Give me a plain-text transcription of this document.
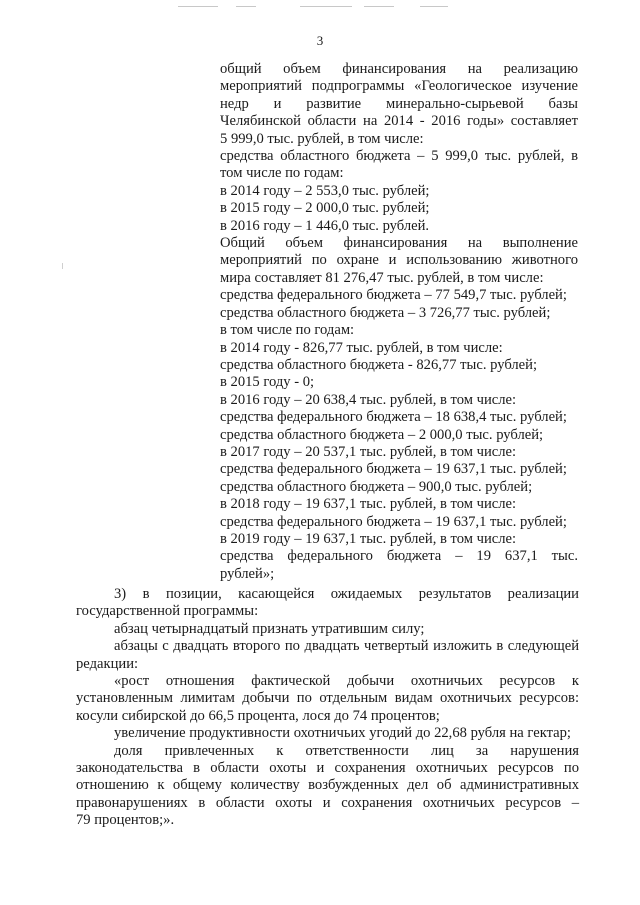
3

общий объем финансирования на реализацию

мероприятий подпрограммы «Геологическое изучение

недр и развитие минерально-сырьевой базы

Челябинской области на 2014 - 2016 годы» составляет

5 999,0 тыс. рублей, в том числе:

средства областного бюджета – 5 999,0 тыс. рублей, в

том числе по годам:

в 2014 году – 2 553,0 тыс. рублей;

в 2015 году – 2 000,0 тыс. рублей;

в 2016 году – 1 446,0 тыс. рублей.

Общий объем финансирования на выполнение

мероприятий по охране и использованию животного

мира составляет 81 276,47 тыс. рублей, в том числе:

средства федерального бюджета – 77 549,7 тыс. рублей;

средства областного бюджета – 3 726,77 тыс. рублей;

в том числе по годам:

в 2014 году - 826,77 тыс. рублей, в том числе:

средства областного бюджета - 826,77 тыс. рублей;

в 2015 году - 0;

в 2016 году – 20 638,4 тыс. рублей, в том числе:

средства федерального бюджета – 18 638,4 тыс. рублей;

средства областного бюджета – 2 000,0 тыс. рублей;

в 2017 году – 20 537,1 тыс. рублей, в том числе:

средства федерального бюджета – 19 637,1 тыс. рублей;

средства областного бюджета – 900,0 тыс. рублей;

в 2018 году – 19 637,1 тыс. рублей, в том числе:

средства федерального бюджета – 19 637,1 тыс. рублей;

в 2019 году – 19 637,1 тыс. рублей, в том числе:

средства федерального бюджета – 19 637,1 тыс.

рублей»;

3) в позиции, касающейся ожидаемых результатов реализации

государственной программы:

абзац четырнадцатый признать утратившим силу;

абзацы с двадцать второго по двадцать четвертый изложить в следующей

редакции:

«рост отношения фактической добычи охотничьих ресурсов к

установленным лимитам добычи по отдельным видам охотничьих ресурсов:

косули сибирской до 66,5 процента, лося до 74 процентов;

увеличение продуктивности охотничьих угодий до 22,68 рубля на гектар;

доля привлеченных к ответственности лиц за нарушения

законодательства в области охоты и сохранения охотничьих ресурсов по

отношению к общему количеству возбужденных дел об административных

правонарушениях в области охоты и сохранения охотничьих ресурсов –

79 процентов;».
